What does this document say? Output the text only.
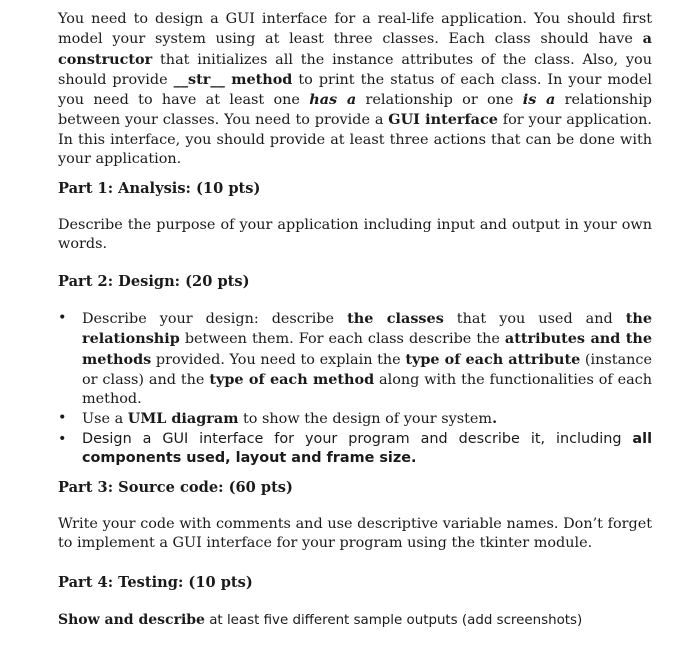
You need to design a GUI interface for a real-life application. You should first model your system using at least three classes. Each class should have a constructor that initializes all the instance attributes of the class. Also, you should provide __str__ method to print the status of each class. In your model you need to have at least one has a relationship or one is a relationship between your classes. You need to provide a GUI interface for your application. In this interface, you should provide at least three actions that can be done with your application.

Part 1: Analysis: (10 pts)

Describe the purpose of your application including input and output in your own words.

Part 2: Design: (20 pts)
• Describe your design: describe the classes that you used and the relationship between them. For each class describe the attributes and the methods provided. You need to explain the type of each attribute (instance or class) and the type of each method along with the functionalities of each method.
• Use a UML diagram to show the design of your system.
• Design a GUI interface for your program and describe it, including all components used, layout and frame size.
Part 3: Source code: (60 pts)

Write your code with comments and use descriptive variable names. Don’t forget to implement a GUI interface for your program using the tkinter module.

Part 4: Testing: (10 pts)

Show and describe at least five different sample outputs (add screenshots)
